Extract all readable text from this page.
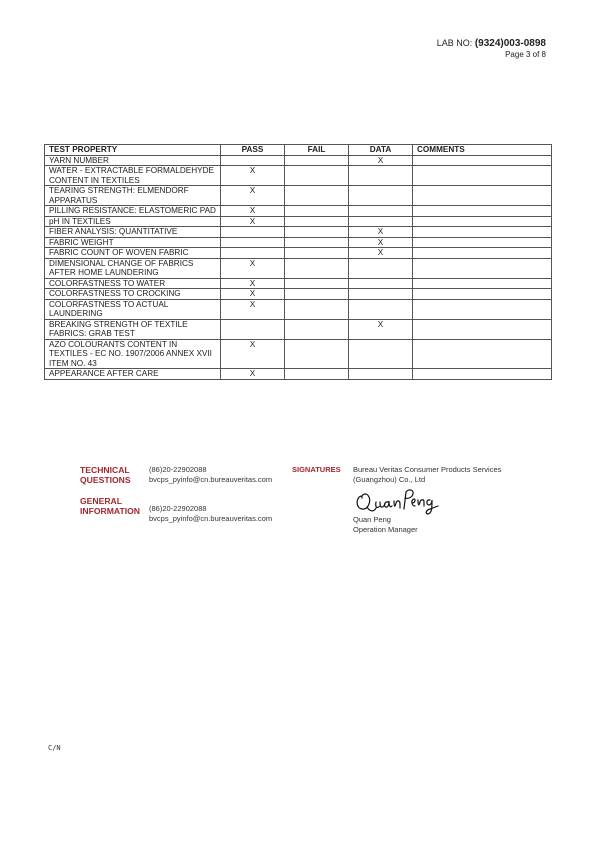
LAB NO: (9324)003-0898
Page 3 of 8
TEST PROPERTY	PASS	FAIL	DATA	COMMENTS
YARN NUMBER			X	
WATER - EXTRACTABLE FORMALDEHYDE CONTENT IN TEXTILES	X			
TEARING STRENGTH: ELMENDORF APPARATUS	X			
PILLING RESISTANCE: ELASTOMERIC PAD	X			
pH IN TEXTILES	X			
FIBER ANALYSIS: QUANTITATIVE			X	
FABRIC WEIGHT			X	
FABRIC COUNT OF WOVEN FABRIC			X	
DIMENSIONAL CHANGE OF FABRICS AFTER HOME LAUNDERING	X			
COLORFASTNESS TO WATER	X			
COLORFASTNESS TO CROCKING	X			
COLORFASTNESS TO ACTUAL LAUNDERING	X			
BREAKING STRENGTH OF TEXTILE FABRICS: GRAB TEST			X	
AZO COLOURANTS CONTENT IN TEXTILES - EC NO. 1907/2006 ANNEX XVII ITEM NO. 43	X			
APPEARANCE AFTER CARE	X			
TECHNICAL QUESTIONS
(86)20-22902088
bvcps_pyinfo@cn.bureauveritas.com
GENERAL INFORMATION	(86)20-22902088
bvcps_pyinfo@cn.bureauveritas.com
SIGNATURES Bureau Veritas Consumer Products Services (Guangzhou) Co., Ltd
Quan Peng
Operation Manager
C/N
